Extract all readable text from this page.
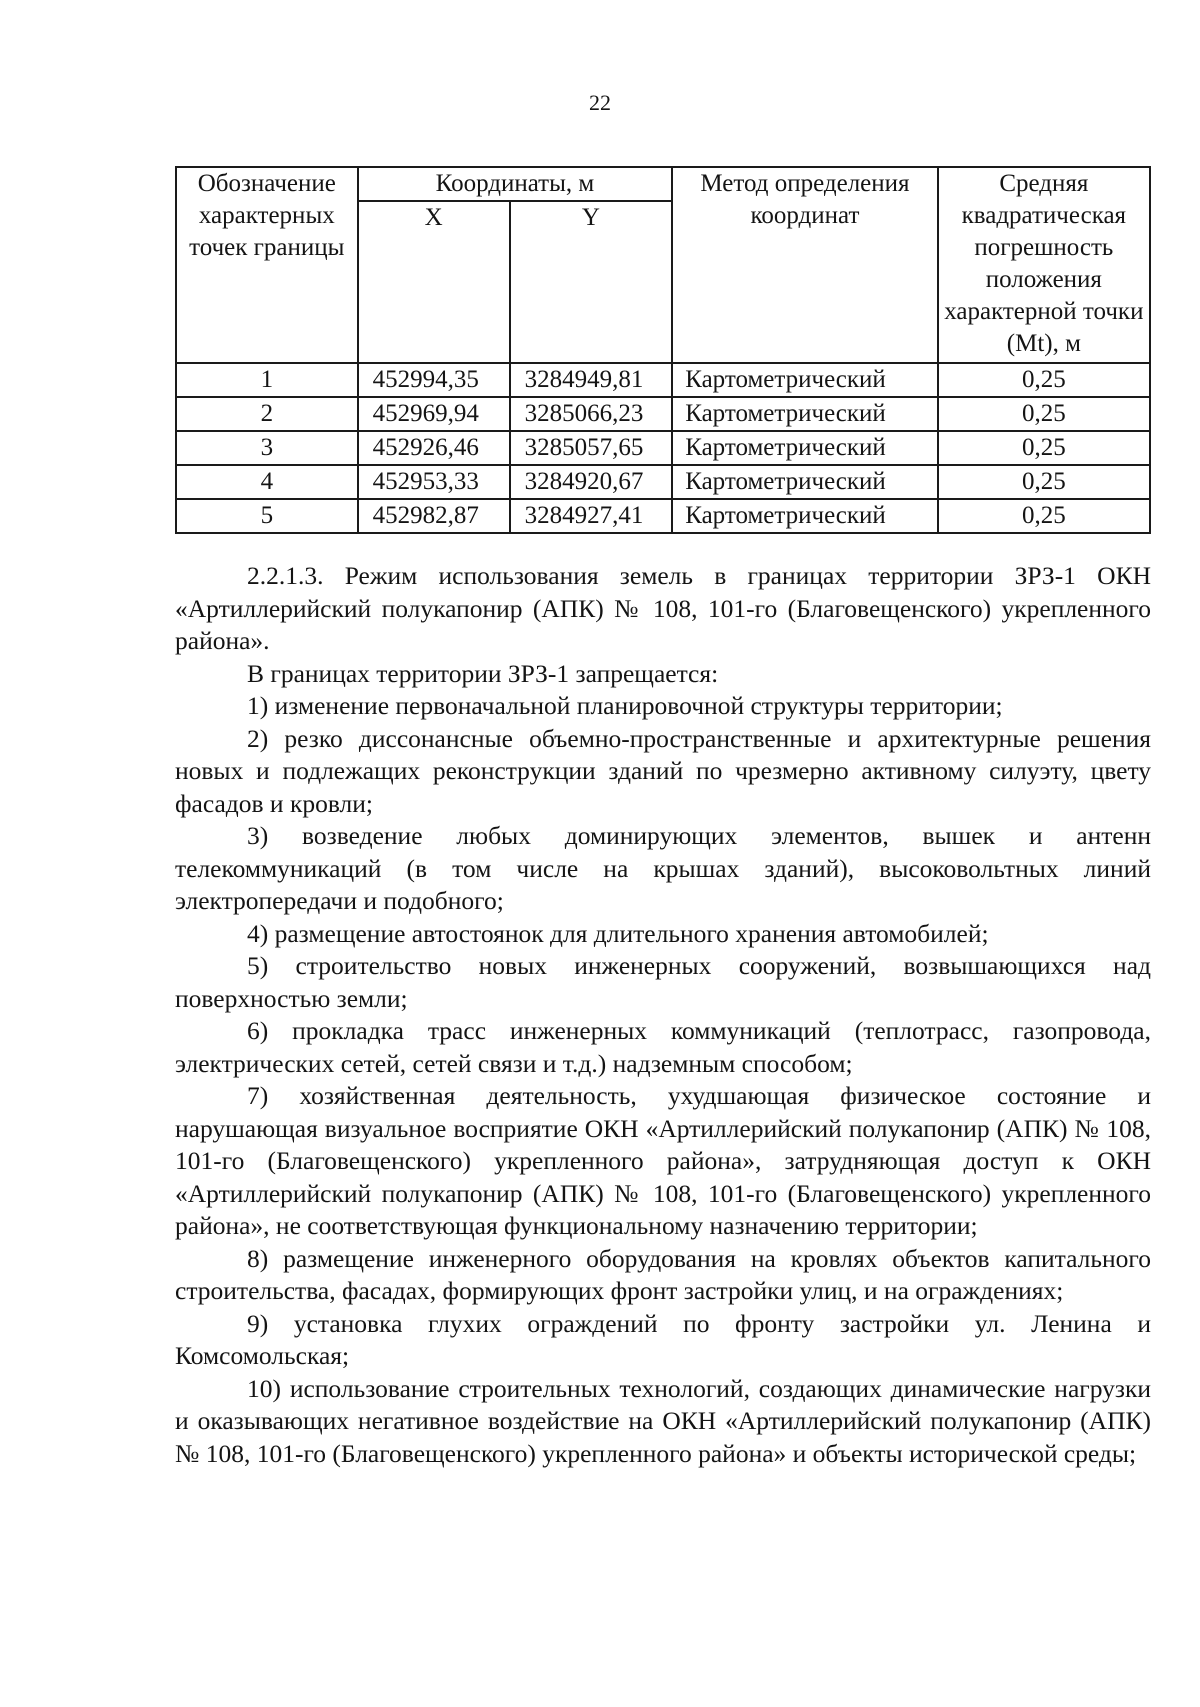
22
Обозначение характерных точек границы	Координаты, м		Метод определения координат	Средняя квадратическая погрешность положения характерной точки (Mt), м
	X	Y		
1	452994,35	3284949,81	Картометрический	0,25
2	452969,94	3285066,23	Картометрический	0,25
3	452926,46	3285057,65	Картометрический	0,25
4	452953,33	3284920,67	Картометрический	0,25
5	452982,87	3284927,41	Картометрический	0,25

2.2.1.3. Режим использования земель в границах территории ЗРЗ-1 ОКН «Артиллерийский полукапонир (АПК) № 108, 101-го (Благовещенского) укрепленного района».

В границах территории ЗРЗ-1 запрещается:

1) изменение первоначальной планировочной структуры территории;

2) резко диссонансные объемно-пространственные и архитектурные решения новых и подлежащих реконструкции зданий по чрезмерно активному силуэту, цвету фасадов и кровли;

3) возведение любых доминирующих элементов, вышек и антенн телекоммуникаций (в том числе на крышах зданий), высоковольтных линий электропередачи и подобного;

4) размещение автостоянок для длительного хранения автомобилей;

5) строительство новых инженерных сооружений, возвышающихся над поверхностью земли;

6) прокладка трасс инженерных коммуникаций (теплотрасс, газопровода, электрических сетей, сетей связи и т.д.) надземным способом;

7) хозяйственная деятельность, ухудшающая физическое состояние и нарушающая визуальное восприятие ОКН «Артиллерийский полукапонир (АПК) № 108, 101-го (Благовещенского) укрепленного района», затрудняющая доступ к ОКН «Артиллерийский полукапонир (АПК) № 108, 101-го (Благовещенского) укрепленного района», не соответствующая функциональному назначению территории;

8) размещение инженерного оборудования на кровлях объектов капитального строительства, фасадах, формирующих фронт застройки улиц, и на ограждениях;

9) установка глухих ограждений по фронту застройки ул. Ленина и Комсомольская;

10) использование строительных технологий, создающих динамические нагрузки и оказывающих негативное воздействие на ОКН «Артиллерийский полукапонир (АПК) № 108, 101-го (Благовещенского) укрепленного района» и объекты исторической среды;
